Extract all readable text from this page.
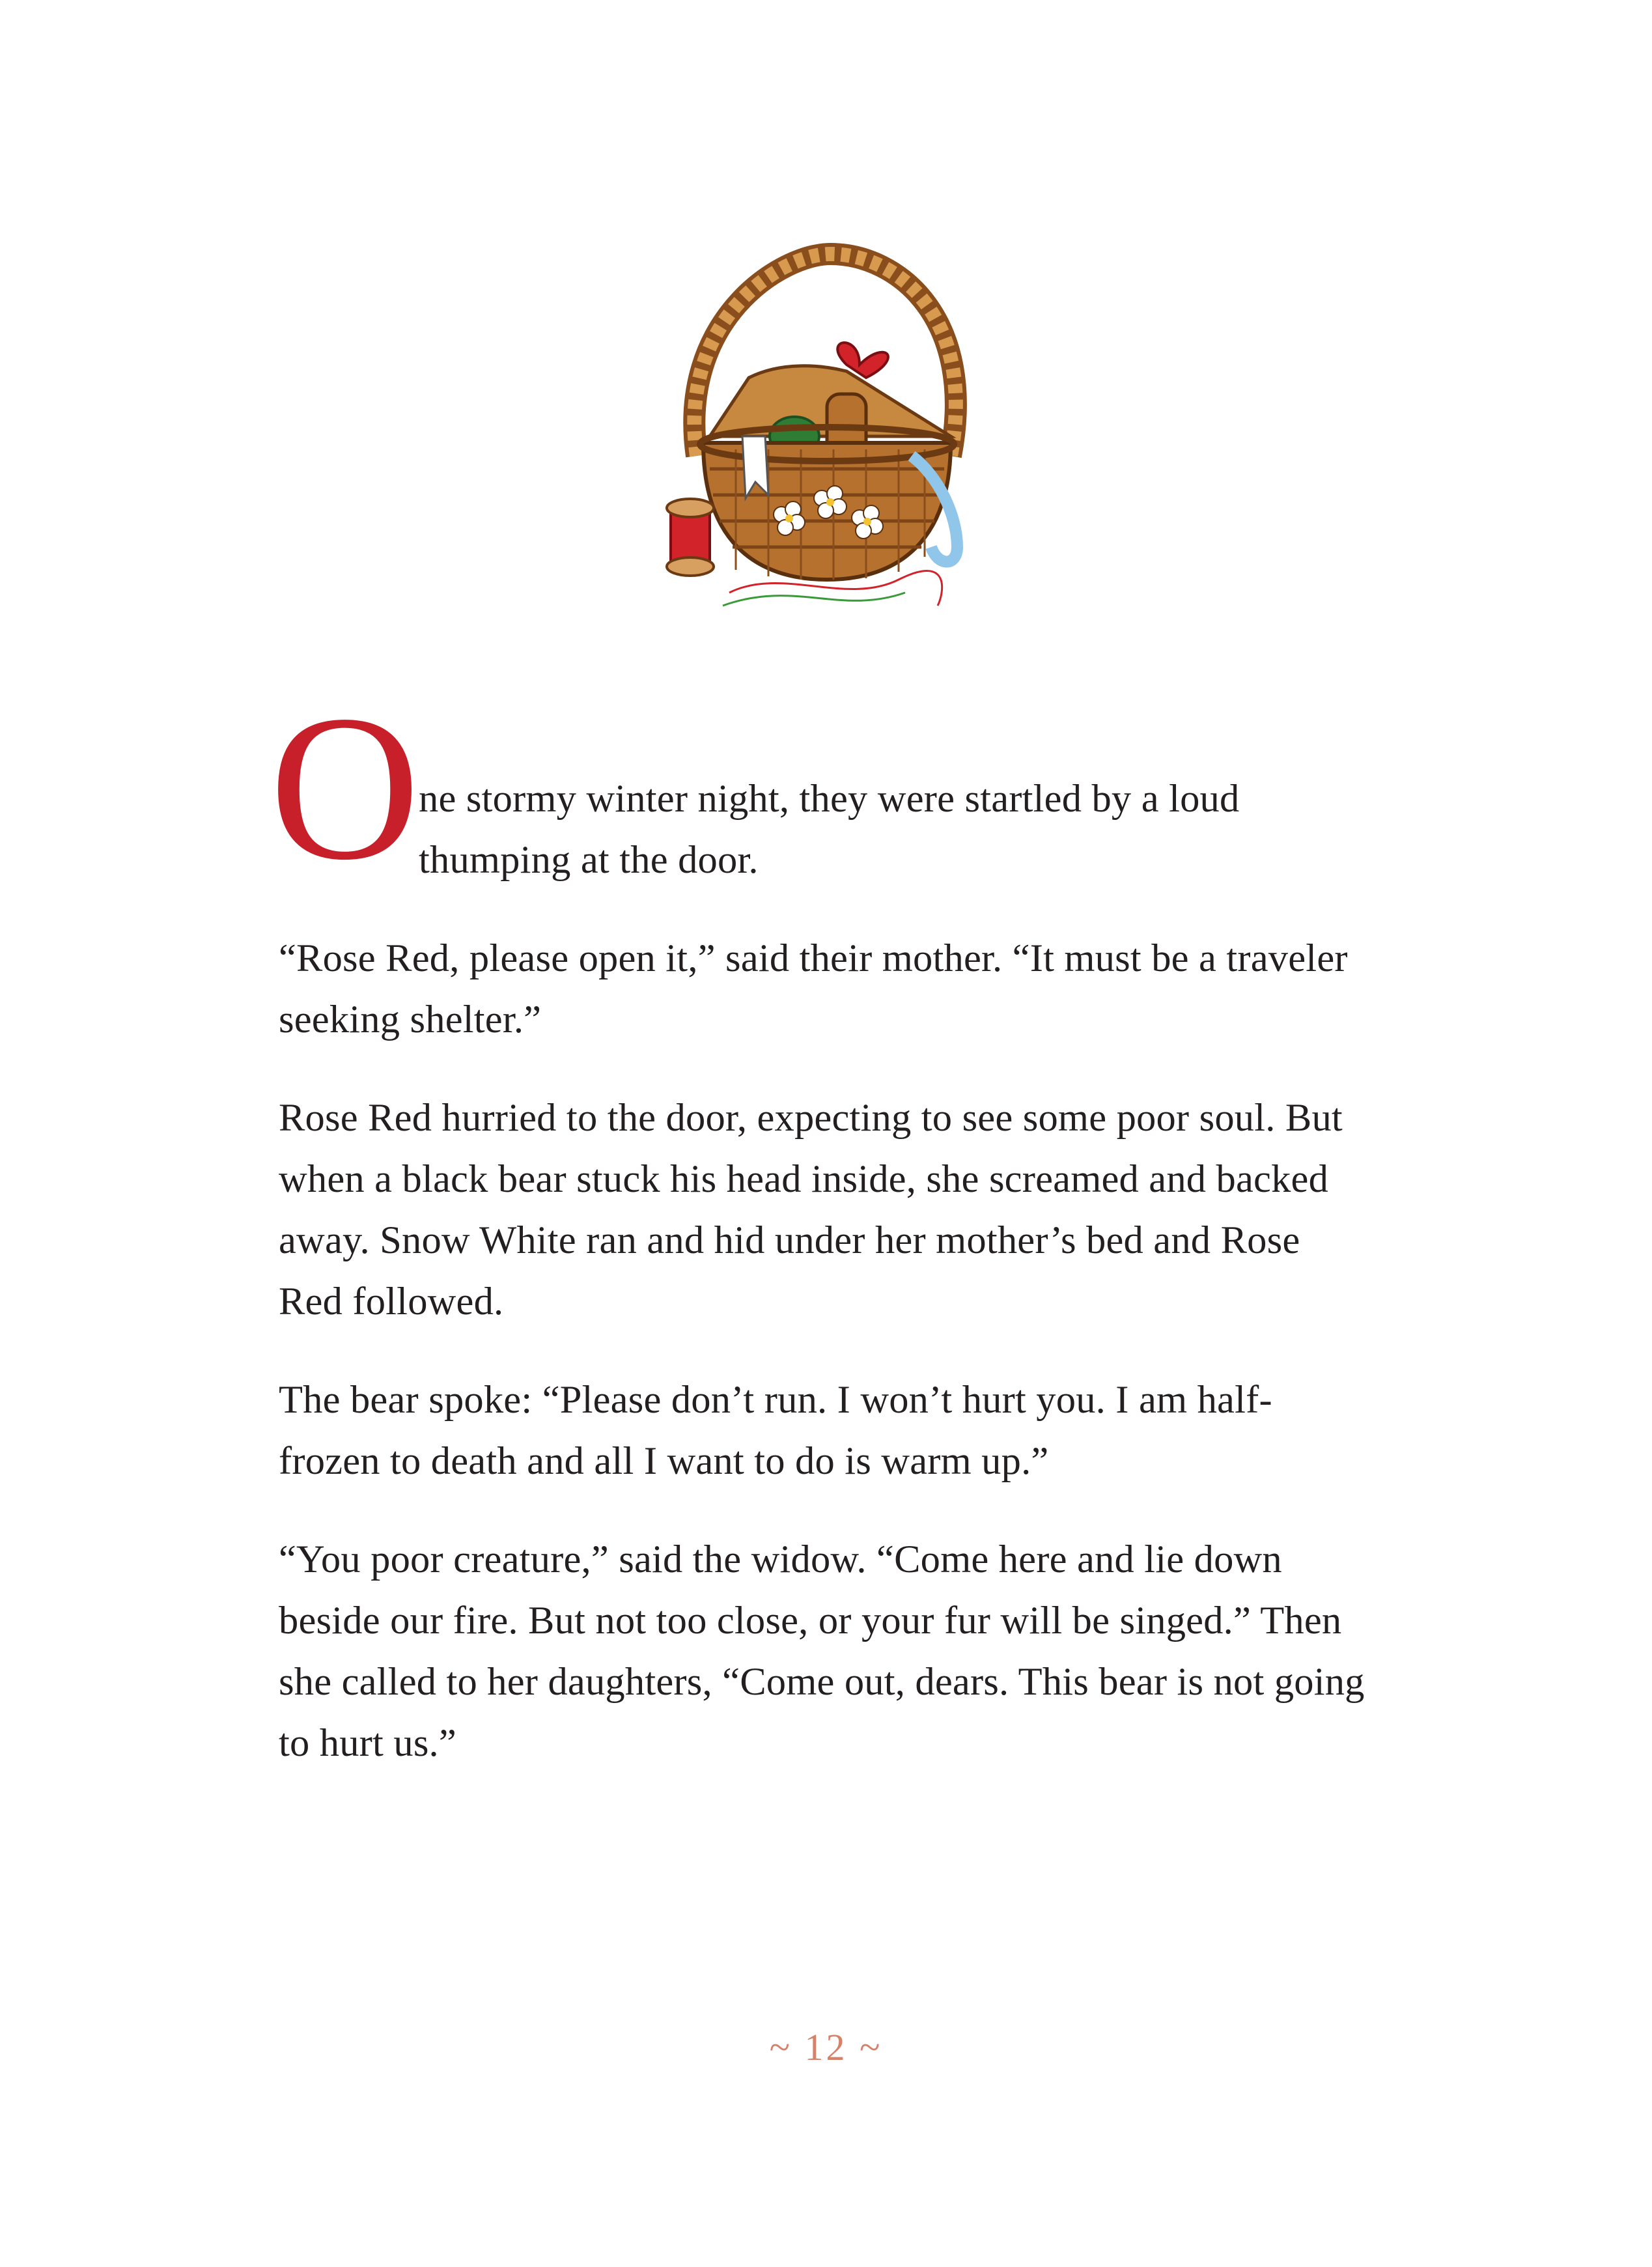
O
ne stormy winter night, they were startled by a loud thumping at the door.

“Rose Red, please open it,” said their mother. “It must be a traveler seeking shelter.”

Rose Red hurried to the door, expecting to see some poor soul. But when a black bear stuck his head inside, she screamed and backed away. Snow White ran and hid under her mother’s bed and Rose Red followed.

The bear spoke: “Please don’t run. I won’t hurt you. I am half-frozen to death and all I want to do is warm up.”

“You poor creature,” said the widow. “Come here and lie down beside our fire. But not too close, or your fur will be singed.” Then she called to her daughters, “Come out, dears. This bear is not going to hurt us.”

~ 12 ~
